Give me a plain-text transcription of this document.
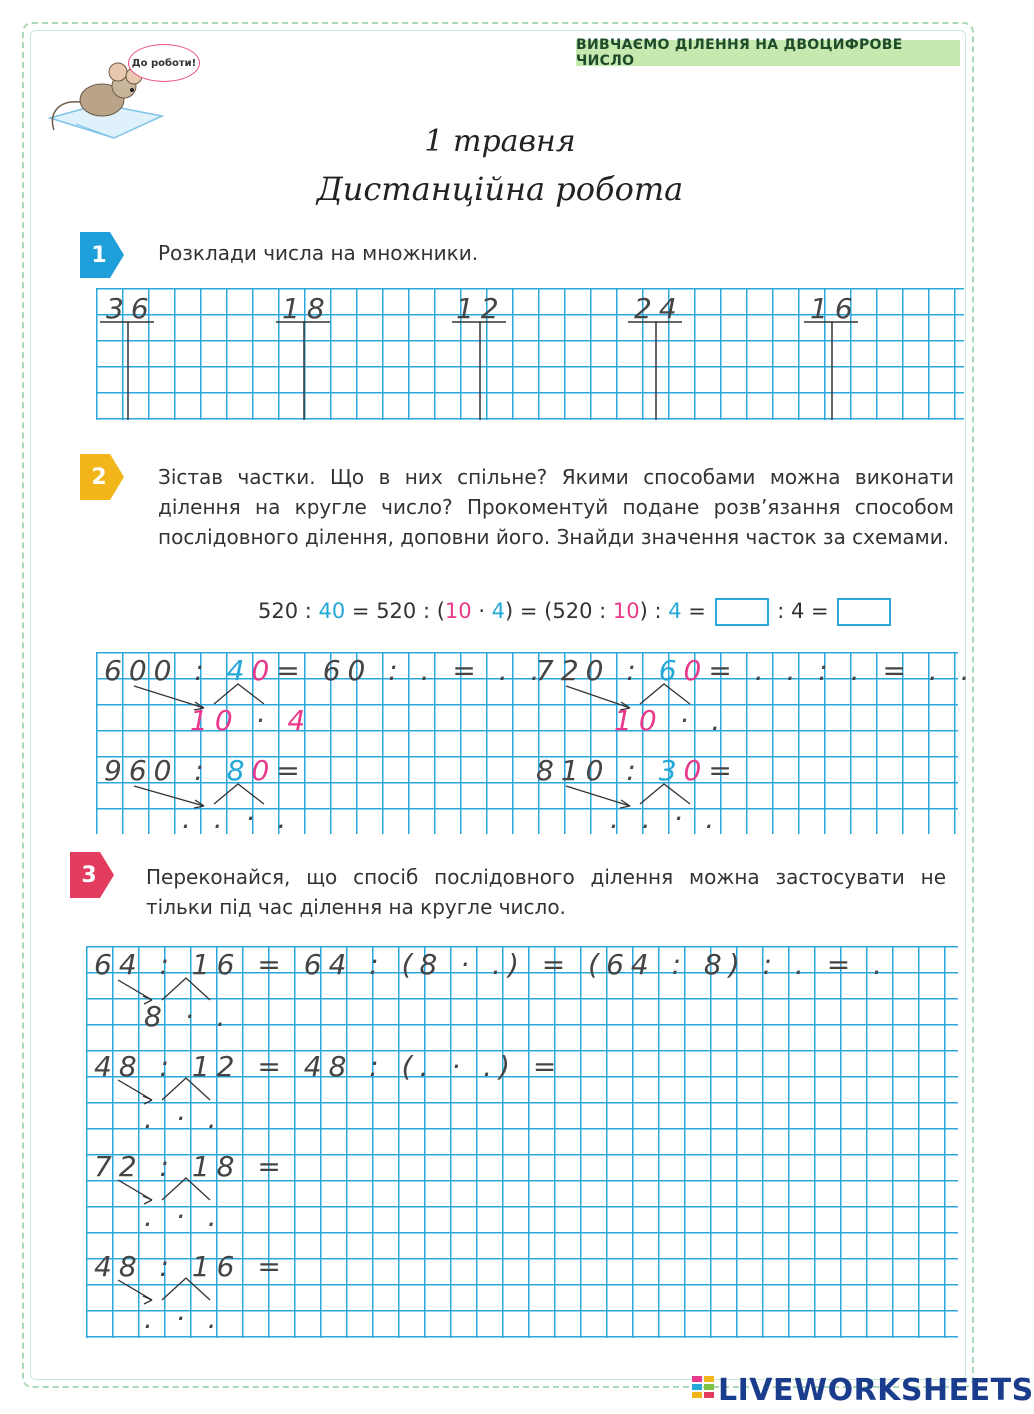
ВИВЧАЄМО ДІЛЕННЯ НА ДВОЦИФРОВЕ ЧИСЛО
До роботи!
1 травня
Дистанційна робота
1	Розклади числа на множники.
36	18	12	24	16
2	Зістав частки. Що в них спільне? Якими способами можна виконати ділення на кругле число? Прокоментуй подане розв’язання способом послідовного ділення, доповни його. Знайди значення часток за схемами.
520 : 40 = 520 : (10 · 4) = (520 : 10) : 4 =	: 4 =
600 : 40= 60 : . = . .
10 · 4
720 : 60= . . : . = . .
10 · .
960 : 80=
. . · .
810 : 30=
. . · .
3	Переконайся, що спосіб послідовного ділення можна застосувати не тільки під час ділення на кругле число.
64 : 16 = 64 : (8 · .) = (64 : 8) : . = .
8 · .
48 : 12 = 48 : (. · .) =
. · .
72 : 18 =
. · .
48 : 16 =
. · .
LIVEWORKSHEETS
